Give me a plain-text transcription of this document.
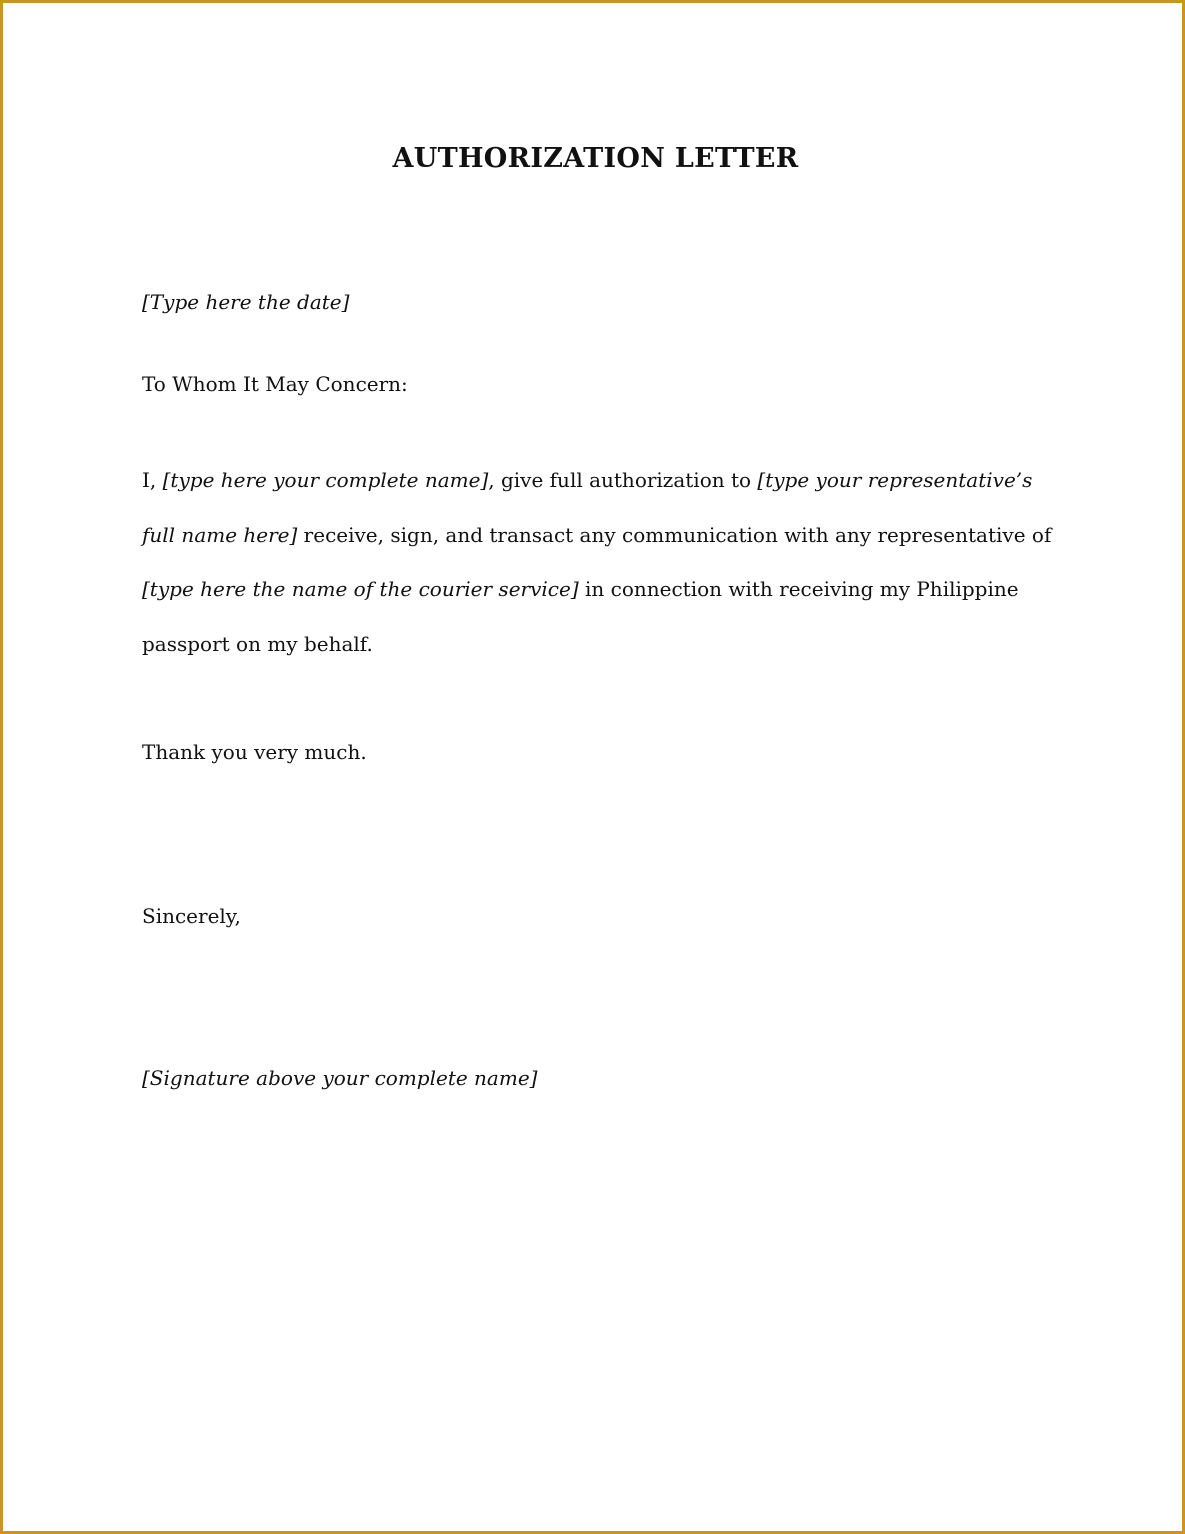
AUTHORIZATION LETTER

[Type here the date]

To Whom It May Concern:

I, [type here your complete name], give full authorization to [type your representative’s full name here] receive, sign, and transact any communication with any representative of [type here the name of the courier service] in connection with receiving my Philippine passport on my behalf.

Thank you very much.

Sincerely,

[Signature above your complete name]
